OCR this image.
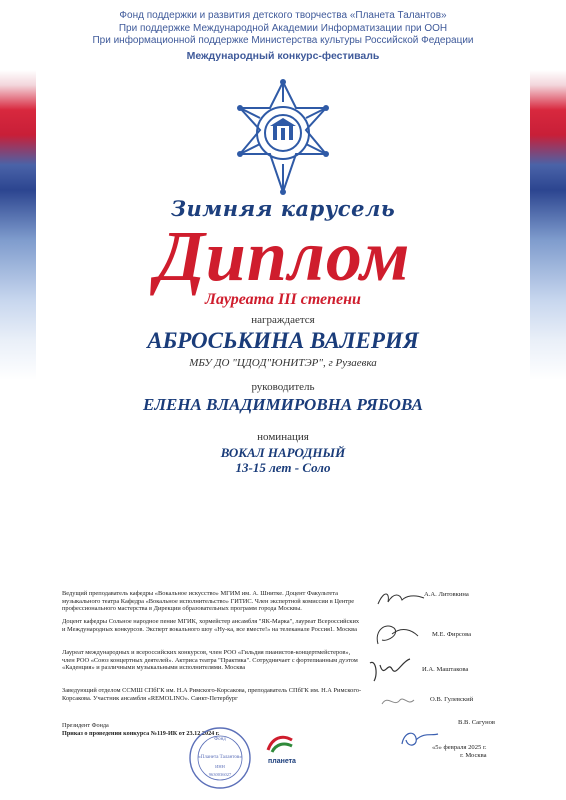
Фонд поддержки и развития детского творчества «Планета Талантов»
При поддержке Международной Академии Информатизации при ООН
При информационной поддержке Министерства культуры Российской Федерации
Международный конкурс-фестиваль
Зимняя карусель
Диплом
Лауреата III степени
награждается
АБРОСЬКИНА ВАЛЕРИЯ
МБУ ДО "ЦДОД"ЮНИТЭР", г Рузаевка
руководитель
ЕЛЕНА ВЛАДИМИРОВНА РЯБОВА
номинация
ВОКАЛ НАРОДНЫЙ
13-15 лет - Соло
Ведущий преподаватель кафедры «Вокальное искусство» МГИМ им. А. Шнитке. Доцент Факультета музыкального театра Кафедра «Вокальное исполнительство» ГИТИС. Член экспертной комиссии в Центре профессионального мастерства в Дирекции образовательных программ города Москвы.
Доцент кафедры Сольное народное пение МГИК, хормейстер ансамбля "ЯК-Марка", лауреат Всероссийских и Международных конкурсов. Эксперт вокального шоу «Ну-ка, все вместе!» на телеканале Россия1. Москва
Лауреат международных и всероссийских конкурсов, член РОО «Гильдия пианистов-концертмейстеров», член РОО «Союз концертных деятелей». Актриса театра "Практика". Сотрудничает с фортепианным дуэтом «Каденция» и различными музыкальными исполнителями. Москва
Заведующий отделом ССМШ СПбГК им. Н.А Римского-Корсакова, преподаватель СПбГК им. Н.А Римского-Корсакова. Участник ансамбля «REMOLINO». Санкт-Петербург
А.А. Литовкина
М.Е. Фирсова
И.А. Маштакова
О.В. Гулевский
Президент Фонда
Приказ о проведении конкурса №119-ИК от 23.12.2024 г.
Фонд
«Планета Талантов»
ИНН
9630036027
планета
В.В. Сагунов
«5» февраля 2025 г.
г. Москва
